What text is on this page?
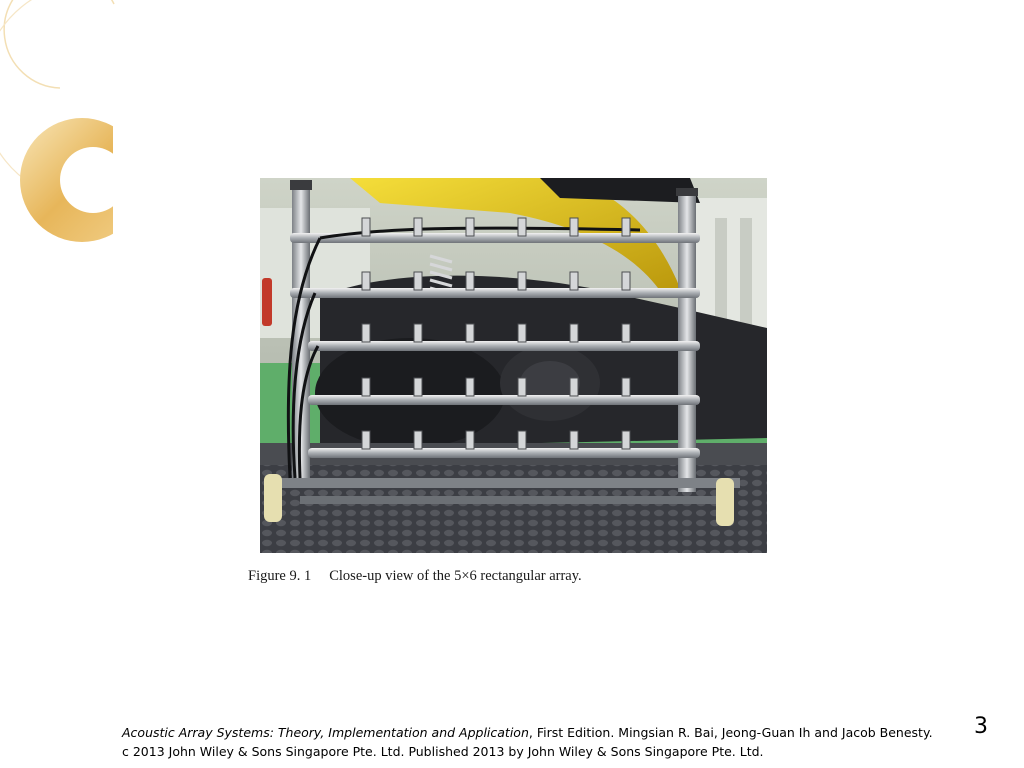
Figure 9. 1 Close-up view of the 5×6 rectangular array.
Acoustic Array Systems: Theory, Implementation and Application, First Edition. Mingsian R. Bai, Jeong-Guan Ih and Jacob Benesty.
c 2013 John Wiley & Sons Singapore Pte. Ltd. Published 2013 by John Wiley & Sons Singapore Pte. Ltd.
3
